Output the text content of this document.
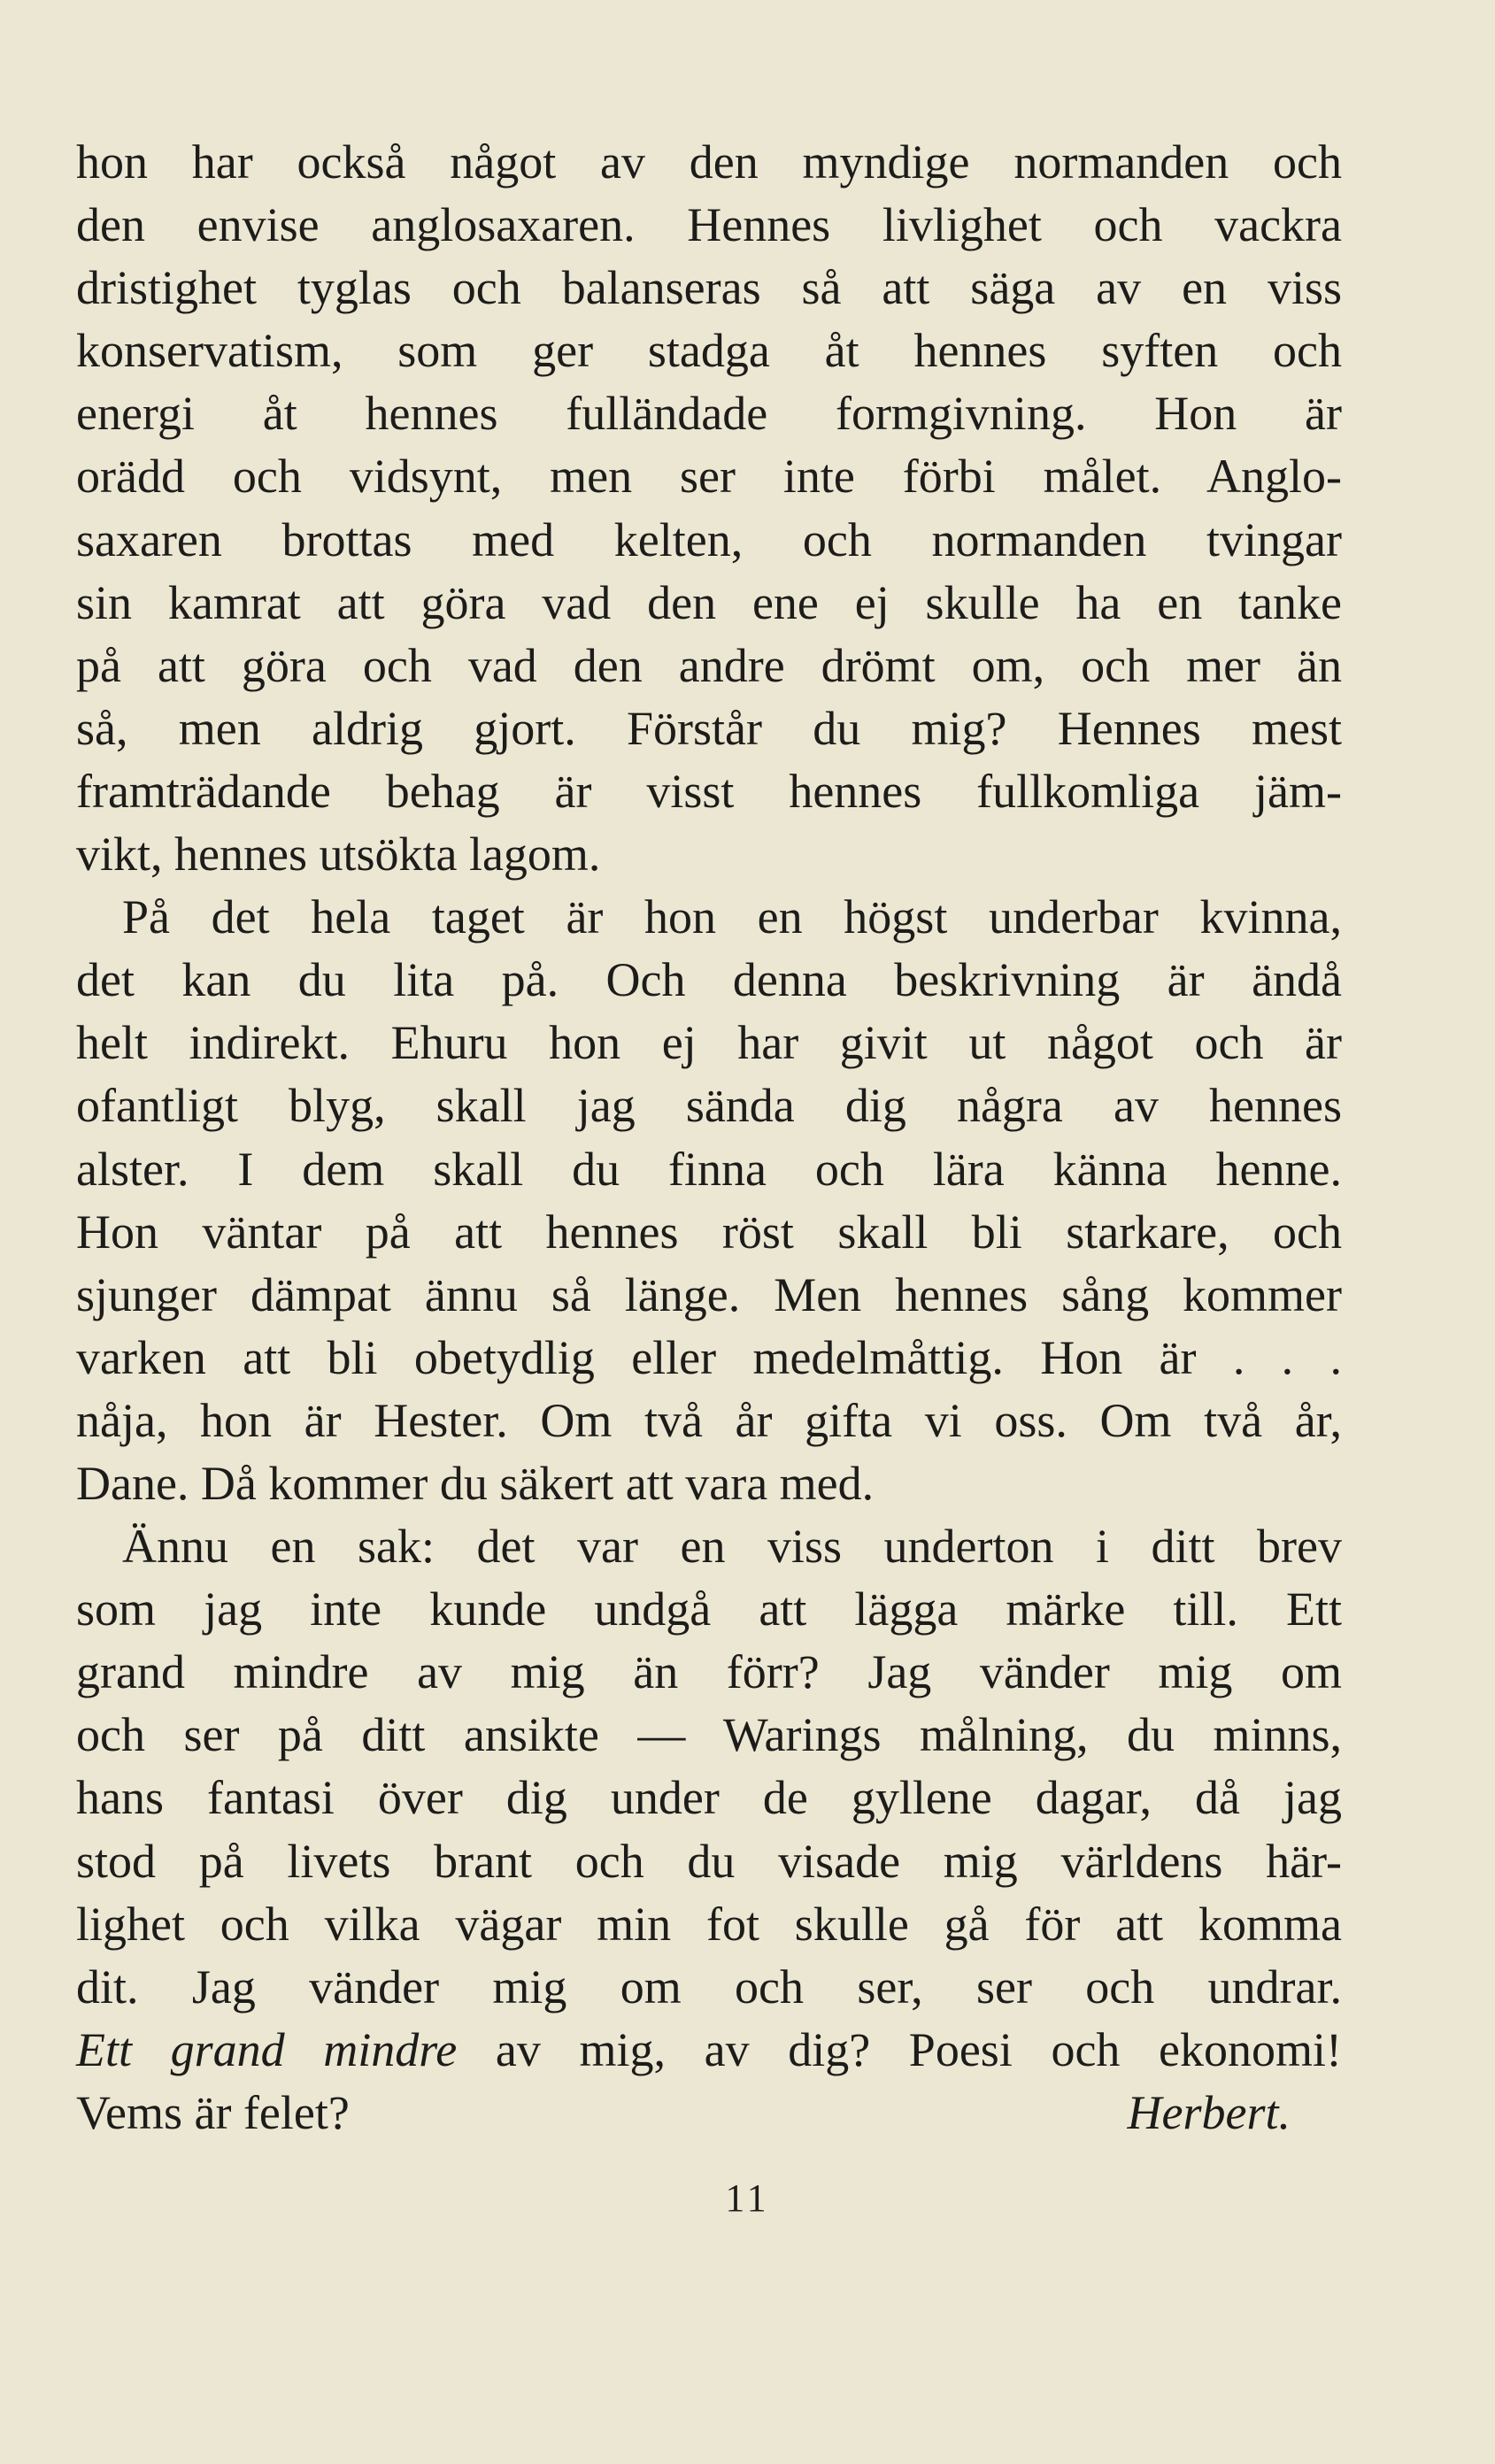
hon har också något av den myndige normanden och
den envise anglosaxaren. Hennes livlighet och vackra
dristighet tyglas och balanseras så att säga av en viss
konservatism, som ger stadga åt hennes syften och
energi åt hennes fulländade formgivning. Hon är
orädd och vidsynt, men ser inte förbi målet. Anglo-
saxaren brottas med kelten, och normanden tvingar
sin kamrat att göra vad den ene ej skulle ha en tanke
på att göra och vad den andre drömt om, och mer än
så, men aldrig gjort. Förstår du mig? Hennes mest
framträdande behag är visst hennes fullkomliga jäm-
vikt, hennes utsökta lagom.
På det hela taget är hon en högst underbar kvinna,
det kan du lita på. Och denna beskrivning är ändå
helt indirekt. Ehuru hon ej har givit ut något och är
ofantligt blyg, skall jag sända dig några av hennes
alster. I dem skall du finna och lära känna henne.
Hon väntar på att hennes röst skall bli starkare, och
sjunger dämpat ännu så länge. Men hennes sång kommer
varken att bli obetydlig eller medelmåttig. Hon är . . .
nåja, hon är Hester. Om två år gifta vi oss. Om två år,
Dane. Då kommer du säkert att vara med.
Ännu en sak: det var en viss underton i ditt brev
som jag inte kunde undgå att lägga märke till. Ett
grand mindre av mig än förr? Jag vänder mig om
och ser på ditt ansikte — Warings målning, du minns,
hans fantasi över dig under de gyllene dagar, då jag
stod på livets brant och du visade mig världens här-
lighet och vilka vägar min fot skulle gå för att komma
dit. Jag vänder mig om och ser, ser och undrar.
Ett grand mindre av mig, av dig? Poesi och ekonomi!
Vems är felet?	Herbert.
11
